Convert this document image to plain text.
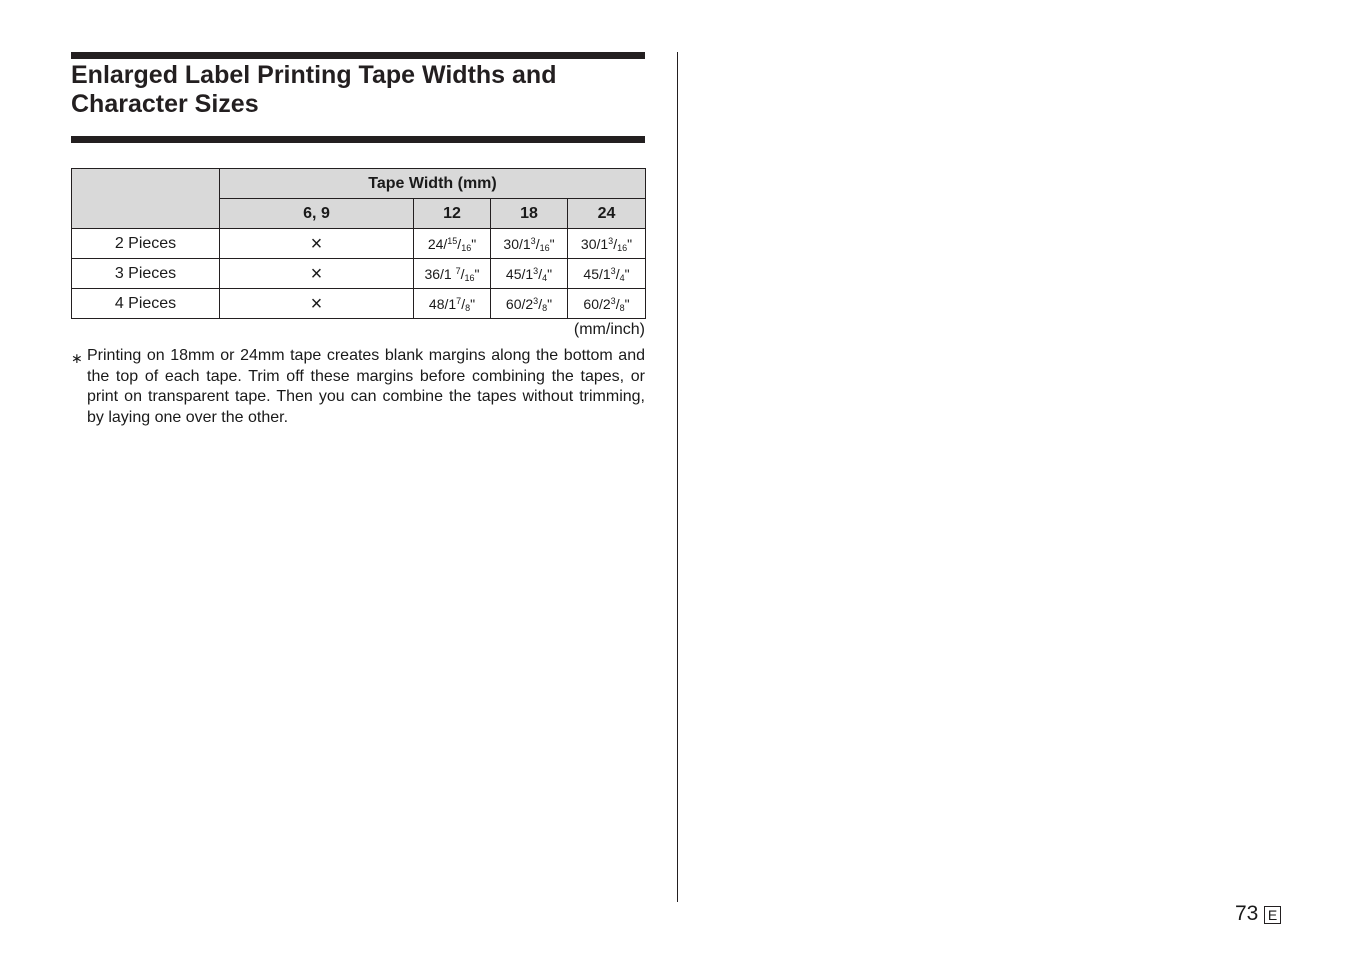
Enlarged Label Printing Tape Widths and Character Sizes
	Tape Width (mm)			
	6, 9	12	18	24
2 Pieces	×	$24/^{15}/_{16}$"	$30/1^3/_{16}$"	$30/1^3/_{16}$"
3 Pieces	×	36/1 $^7/_{16}$"	$45/1^3/_4$"	$45/1^3/_4$"
4 Pieces	×	$48/1^7/_8$"	$60/2^3/_8$"	$60/2^3/_8$"
(mm/inch)
∗ Printing on 18mm or 24mm tape creates blank margins along the bottom and the top of each tape. Trim off these margins before combining the tapes, or print on transparent tape. Then you can combine the tapes without trimming, by laying one over the other.
73 E
